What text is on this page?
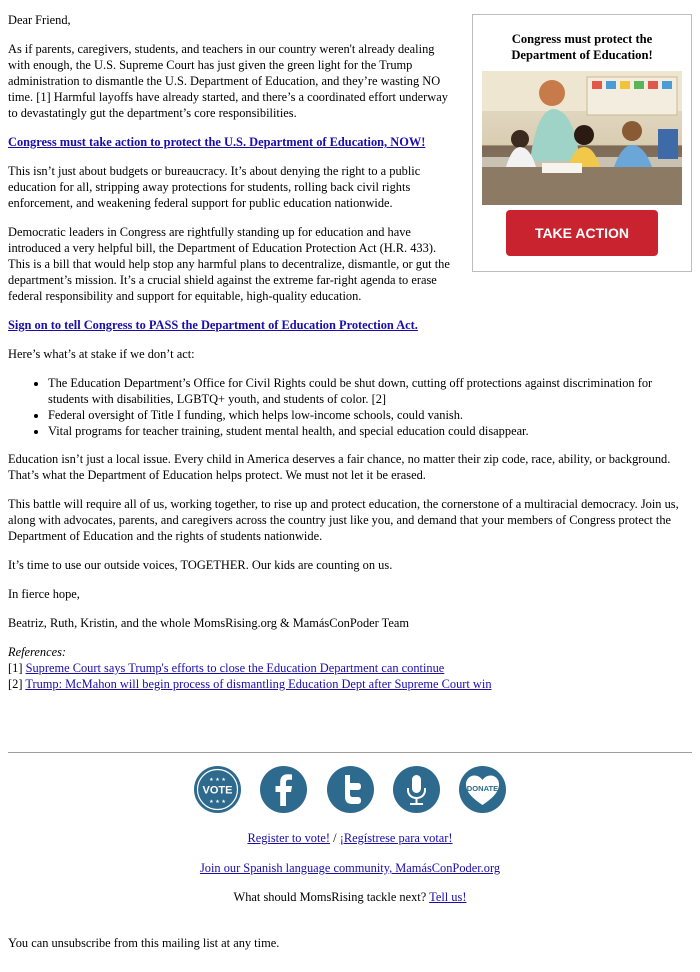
Congress must protect the Department of Education!
TAKE ACTION

Dear Friend,

As if parents, caregivers, students, and teachers in our country weren't already dealing with enough, the U.S. Supreme Court has just given the green light for the Trump administration to dismantle the U.S. Department of Education, and they’re wasting NO time. [1] Harmful layoffs have already started, and there’s a coordinated effort underway to devastatingly gut the department’s core responsibilities.

Congress must take action to protect the U.S. Department of Education, NOW!

This isn’t just about budgets or bureaucracy. It’s about denying the right to a public education for all, stripping away protections for students, rolling back civil rights enforcement, and weakening federal support for public education nationwide.

Democratic leaders in Congress are rightfully standing up for education and have introduced a very helpful bill, the Department of Education Protection Act (H.R. 433). This is a bill that would help stop any harmful plans to decentralize, dismantle, or gut the department’s mission. It’s a crucial shield against the extreme far-right agenda to erase federal responsibility and support for equitable, high-quality education.

Sign on to tell Congress to PASS the Department of Education Protection Act.

Here’s what’s at stake if we don’t act:

• The Education Department’s Office for Civil Rights could be shut down, cutting off protections against discrimination for students with disabilities, LGBTQ+ youth, and students of color. [2]
• Federal oversight of Title I funding, which helps low-income schools, could vanish.
• Vital programs for teacher training, student mental health, and special education could disappear.

Education isn’t just a local issue. Every child in America deserves a fair chance, no matter their zip code, race, ability, or background. That’s what the Department of Education helps protect. We must not let it be erased.

This battle will require all of us, working together, to rise up and protect education, the cornerstone of a multiracial democracy. Join us, along with advocates, parents, and caregivers across the country just like you, and demand that your members of Congress protect the Department of Education and the rights of students nationwide.

It’s time to use our outside voices, TOGETHER. Our kids are counting on us.

In fierce hope,

Beatriz, Ruth, Kristin, and the whole MomsRising.org & MamásConPoder Team

References:
[1] Supreme Court says Trump's efforts to close the Education Department can continue
[2] Trump: McMahon will begin process of dismantling Education Dept after Supreme Court win
VOTE
★ ★ ★
★ ★ ★

DONATE
Register to vote! / ¡Regístrese para votar!
Join our Spanish language community, MamásConPoder.org
What should MomsRising tackle next? Tell us!
You can unsubscribe from this mailing list at any time.
